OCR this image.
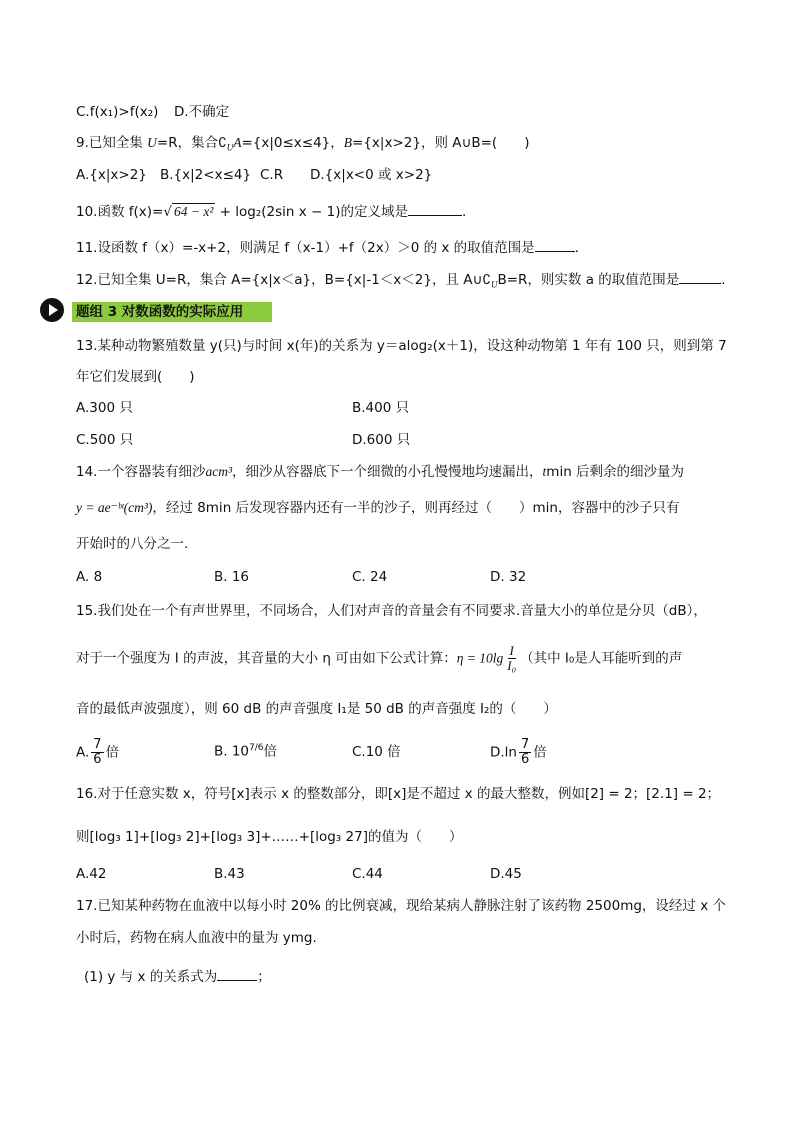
C.f(x₁)>f(x₂) D.不确定
9.已知全集 U=R，集合$∁_UA=\{x|0\le x\le 4\}$，B={x|x>2}，则 A∪B=(　　)
A.{x|x>2} B.{x|2<x≤4} C.R D.{x|x<0 或 x>2}
10.函数 f(x)=√ 64 − x² + log₂(2sin x − 1)的定义域是	.
11.设函数 f（x）=-x+2，则满足 f（x-1）+f（2x）＞0 的 x 的取值范围是	.
12.已知全集 U=R，集合 A={x|x＜a}，B={x|-1＜x＜2}，且 $A\cup∁_UB=R$，则实数 a 的取值范围是	.
题组 3 对数函数的实际应用
13.某种动物繁殖数量 y(只)与时间 x(年)的关系为 y＝alog₂(x＋1)，设这种动物第 1 年有 100 只，则到第 7
年它们发展到(　　)
A.300 只	B.400 只
C.500 只	D.600 只
14.一个容器装有细沙acm³，细沙从容器底下一个细微的小孔慢慢地均速漏出，tmin 后剩余的细沙量为
y = ae⁻ᵇᵗ(cm³)，经过 8min 后发现容器内还有一半的沙子，则再经过（　　）min，容器中的沙子只有
开始时的八分之一.
A. 8	B. 16	C. 24	D. 32
15.我们处在一个有声世界里，不同场合，人们对声音的音量会有不同要求.音量大小的单位是分贝（dB），
对于一个强度为 I 的声波，其音量的大小 η 可由如下公式计算：$\eta = 10\lg \frac{I}{\text{I₀}}$ （其中 I₀是人耳能听到的声
音的最低声波强度），则 60 dB 的声音强度 I₁是 50 dB 的声音强度 I₂的（　　）
A. $\frac{7}{6}$ 倍	B. $10^{7/6}$倍	C.10 倍	$D.\ln \frac{7}{6}$ 倍
16.对于任意实数 x，符号[x]表示 x 的整数部分，即[x]是不超过 x 的最大整数，例如[2] = 2；[2.1] = 2；
则[log₃ 1]+[log₃ 2]+[log₃ 3]+……+[log₃ 27]的值为（　　）
A.42	B.43	C.44	D.45
17.已知某种药物在血液中以每小时 20% 的比例衰减，现给某病人静脉注射了该药物 2500mg，设经过 x 个
小时后，药物在病人血液中的量为 ymg.
(1) y 与 x 的关系式为	；
